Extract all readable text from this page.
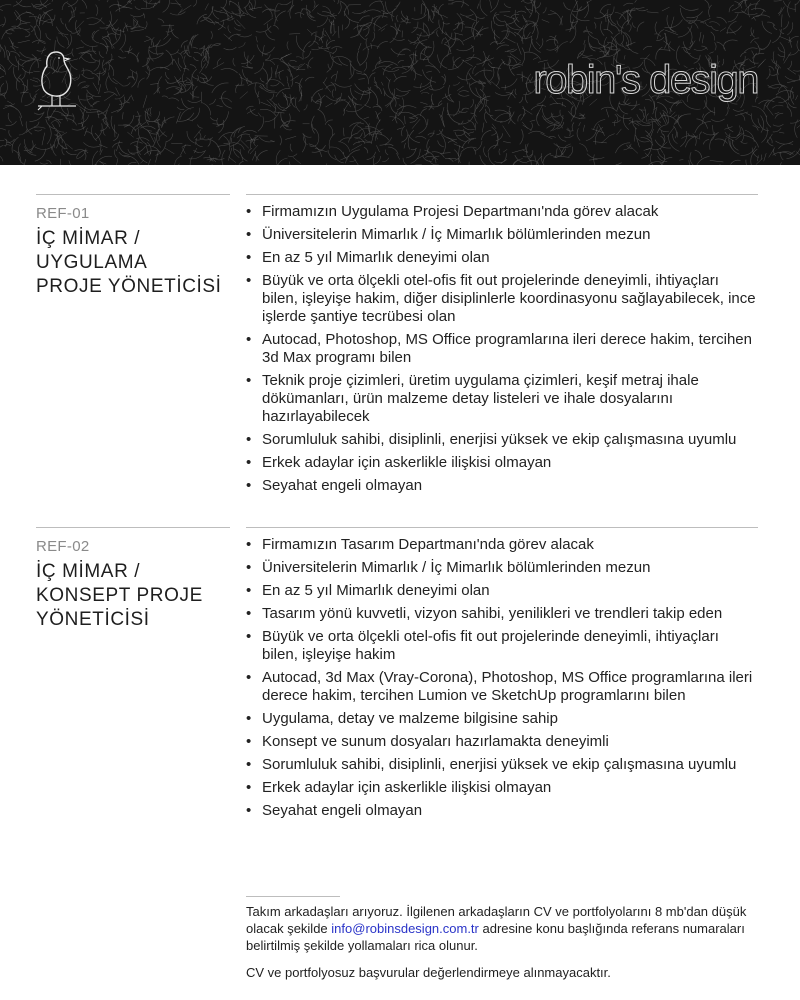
robin's design
REF-01
İÇ MİMAR /
UYGULAMA
PROJE YÖNETİCİSİ
• Firmamızın Uygulama Projesi Departmanı'nda görev alacak
• Üniversitelerin Mimarlık / İç Mimarlık bölümlerinden mezun
• En az 5 yıl Mimarlık deneyimi olan
• Büyük ve orta ölçekli otel-ofis fit out projelerinde deneyimli, ihtiyaçları bilen, işleyişe hakim, diğer disiplinlerle koordinasyonu sağlayabilecek, ince işlerde şantiye tecrübesi olan
• Autocad, Photoshop, MS Office programlarına ileri derece hakim, tercihen 3d Max programı bilen
• Teknik proje çizimleri, üretim uygulama çizimleri, keşif metraj ihale dökümanları, ürün malzeme detay listeleri ve ihale dosyalarını hazırlayabilecek
• Sorumluluk sahibi, disiplinli, enerjisi yüksek ve ekip çalışmasına uyumlu
• Erkek adaylar için askerlikle ilişkisi olmayan
• Seyahat engeli olmayan
REF-02
İÇ MİMAR /
KONSEPT PROJE
YÖNETİCİSİ
• Firmamızın Tasarım Departmanı'nda görev alacak
• Üniversitelerin Mimarlık / İç Mimarlık bölümlerinden mezun
• En az 5 yıl Mimarlık deneyimi olan
• Tasarım yönü kuvvetli, vizyon sahibi, yenilikleri ve trendleri takip eden
• Büyük ve orta ölçekli otel-ofis fit out projelerinde deneyimli, ihtiyaçları bilen, işleyişe hakim
• Autocad, 3d Max (Vray-Corona), Photoshop, MS Office programlarına ileri derece hakim, tercihen Lumion ve SketchUp programlarını bilen
• Uygulama, detay ve malzeme bilgisine sahip
• Konsept ve sunum dosyaları hazırlamakta deneyimli
• Sorumluluk sahibi, disiplinli, enerjisi yüksek ve ekip çalışmasına uyumlu
• Erkek adaylar için askerlikle ilişkisi olmayan
• Seyahat engeli olmayan

Takım arkadaşları arıyoruz. İlgilenen arkadaşların CV ve portfolyolarını 8 mb'dan düşük olacak şekilde info@robinsdesign.com.tr adresine konu başlığında referans numaraları belirtilmiş şekilde yollamaları rica olunur.

CV ve portfolyosuz başvurular değerlendirmeye alınmayacaktır.
